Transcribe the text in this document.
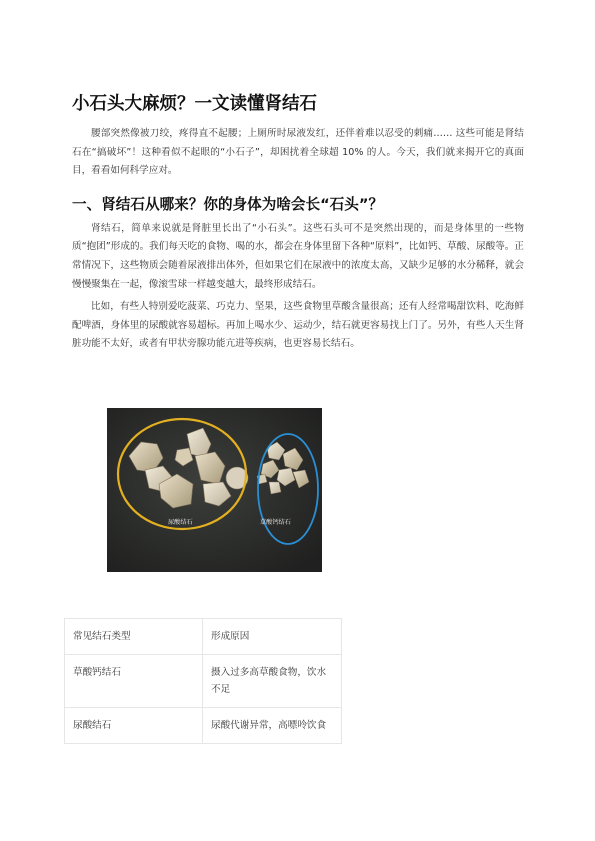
小石头大麻烦？一文读懂肾结石

腰部突然像被刀绞，疼得直不起腰；上厕所时尿液发红，还伴着难以忍受的刺痛…… 这些可能是肾结石在“搞破坏”！这种看似不起眼的“小石子”，却困扰着全球超 10% 的人。今天，我们就来揭开它的真面目，看看如何科学应对。

一、肾结石从哪来？你的身体为啥会长“石头”？

肾结石，简单来说就是肾脏里长出了“小石头”。这些石头可不是突然出现的，而是身体里的一些物质“抱团”形成的。我们每天吃的食物、喝的水，都会在身体里留下各种“原料”，比如钙、草酸、尿酸等。正常情况下，这些物质会随着尿液排出体外，但如果它们在尿液中的浓度太高，又缺少足够的水分稀释，就会慢慢聚集在一起，像滚雪球一样越变越大，最终形成结石。

比如，有些人特别爱吃菠菜、巧克力、坚果，这些食物里草酸含量很高；还有人经常喝甜饮料、吃海鲜配啤酒，身体里的尿酸就容易超标。再加上喝水少、运动少，结石就更容易找上门了。另外，有些人天生肾脏功能不太好，或者有甲状旁腺功能亢进等疾病，也更容易长结石。

尿酸结石	草酸钙结石
常见结石类型	形成原因
草酸钙结石	摄入过多高草酸食物，饮水不足
尿酸结石	尿酸代谢异常，高嘌呤饮食
